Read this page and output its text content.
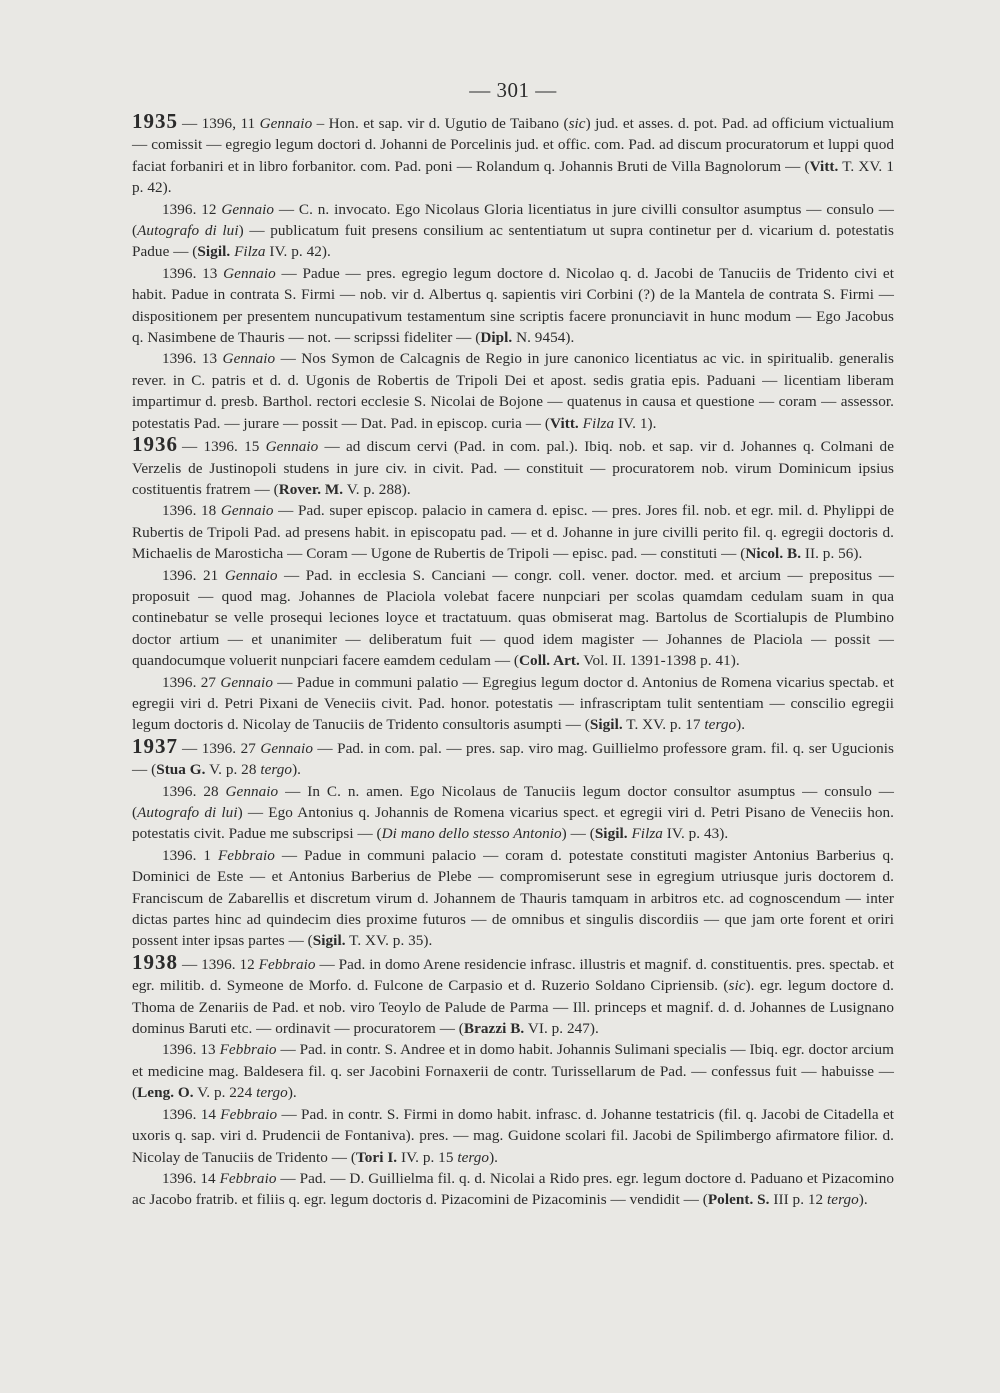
— 301 —

1935 — 1396, 11 Gennaio – Hon. et sap. vir d. Ugutio de Taibano (sic) jud. et asses. d. pot. Pad. ad officium victualium — comissit — egregio legum doctori d. Johanni de Porcelinis jud. et offic. com. Pad. ad discum procuratorum et luppi quod faciat forbaniri et in libro forbanitor. com. Pad. poni — Rolandum q. Johannis Bruti de Villa Bagnolorum — (Vitt. T. XV. 1 p. 42).

1396. 12 Gennaio — C. n. invocato. Ego Nicolaus Gloria licentiatus in jure civilli consultor asumptus — consulo — (Autografo di lui) — publicatum fuit presens consilium ac sententiatum ut supra continetur per d. vicarium d. potestatis Padue — (Sigil. Filza IV. p. 42).

1396. 13 Gennaio — Padue — pres. egregio legum doctore d. Nicolao q. d. Jacobi de Tanuciis de Tridento civi et habit. Padue in contrata S. Firmi — nob. vir d. Albertus q. sapientis viri Corbini (?) de la Mantela de contrata S. Firmi — dispositionem per presentem nuncupativum testamentum sine scriptis facere pronunciavit in hunc modum — Ego Jacobus q. Nasimbene de Thauris — not. — scripssi fideliter — (Dipl. N. 9454).

1396. 13 Gennaio — Nos Symon de Calcagnis de Regio in jure canonico licentiatus ac vic. in spiritualib. generalis rever. in C. patris et d. d. Ugonis de Robertis de Tripoli Dei et apost. sedis gratia epis. Paduani — licentiam liberam impartimur d. presb. Barthol. rectori ecclesie S. Nicolai de Bojone — quatenus in causa et questione — coram — assessor. potestatis Pad. — jurare — possit — Dat. Pad. in episcop. curia — (Vitt. Filza IV. 1).

1936 — 1396. 15 Gennaio — ad discum cervi (Pad. in com. pal.). Ibiq. nob. et sap. vir d. Johannes q. Colmani de Verzelis de Justinopoli studens in jure civ. in civit. Pad. — constituit — procuratorem nob. virum Dominicum ipsius costituentis fratrem — (Rover. M. V. p. 288).

1396. 18 Gennaio — Pad. super episcop. palacio in camera d. episc. — pres. Jores fil. nob. et egr. mil. d. Phylippi de Rubertis de Tripoli Pad. ad presens habit. in episcopatu pad. — et d. Johanne in jure civilli perito fil. q. egregii doctoris d. Michaelis de Marosticha — Coram — Ugone de Rubertis de Tripoli — episc. pad. — constituti — (Nicol. B. II. p. 56).

1396. 21 Gennaio — Pad. in ecclesia S. Canciani — congr. coll. vener. doctor. med. et arcium — prepositus — proposuit — quod mag. Johannes de Placiola volebat facere nunpciari per scolas quamdam cedulam suam in qua continebatur se velle prosequi leciones loyce et tractatuum. quas obmiserat mag. Bartolus de Scortialupis de Plumbino doctor artium — et unanimiter — deliberatum fuit — quod idem magister — Johannes de Placiola — possit — quandocumque voluerit nunpciari facere eamdem cedulam — (Coll. Art. Vol. II. 1391-1398 p. 41).

1396. 27 Gennaio — Padue in communi palatio — Egregius legum doctor d. Antonius de Romena vicarius spectab. et egregii viri d. Petri Pixani de Veneciis civit. Pad. honor. potestatis — infrascriptam tulit sententiam — conscilio egregii legum doctoris d. Nicolay de Tanuciis de Tridento consultoris asumpti — (Sigil. T. XV. p. 17 tergo).

1937 — 1396. 27 Gennaio — Pad. in com. pal. — pres. sap. viro mag. Guillielmo professore gram. fil. q. ser Ugucionis — (Stua G. V. p. 28 tergo).

1396. 28 Gennaio — In C. n. amen. Ego Nicolaus de Tanuciis legum doctor consultor asumptus — consulo — (Autografo di lui) — Ego Antonius q. Johannis de Romena vicarius spect. et egregii viri d. Petri Pisano de Veneciis hon. potestatis civit. Padue me subscripsi — (Di mano dello stesso Antonio) — (Sigil. Filza IV. p. 43).

1396. 1 Febbraio — Padue in communi palacio — coram d. potestate constituti magister Antonius Barberius q. Dominici de Este — et Antonius Barberius de Plebe — compromiserunt sese in egregium utriusque juris doctorem d. Franciscum de Zabarellis et discretum virum d. Johannem de Thauris tamquam in arbitros etc. ad cognoscendum — inter dictas partes hinc ad quindecim dies proxime futuros — de omnibus et singulis discordiis — que jam orte forent et oriri possent inter ipsas partes — (Sigil. T. XV. p. 35).

1938 — 1396. 12 Febbraio — Pad. in domo Arene residencie infrasc. illustris et magnif. d. constituentis. pres. spectab. et egr. militib. d. Symeone de Morfo. d. Fulcone de Carpasio et d. Ruzerio Soldano Cipriensib. (sic). egr. legum doctore d. Thoma de Zenariis de Pad. et nob. viro Teoylo de Palude de Parma — Ill. princeps et magnif. d. d. Johannes de Lusignano dominus Baruti etc. — ordinavit — procuratorem — (Brazzi B. VI. p. 247).

1396. 13 Febbraio — Pad. in contr. S. Andree et in domo habit. Johannis Sulimani specialis — Ibiq. egr. doctor arcium et medicine mag. Baldesera fil. q. ser Jacobini Fornaxerii de contr. Turissellarum de Pad. — confessus fuit — habuisse — (Leng. O. V. p. 224 tergo).

1396. 14 Febbraio — Pad. in contr. S. Firmi in domo habit. infrasc. d. Johanne testatricis (fil. q. Jacobi de Citadella et uxoris q. sap. viri d. Prudencii de Fontaniva). pres. — mag. Guidone scolari fil. Jacobi de Spilimbergo afirmatore filior. d. Nicolay de Tanuciis de Tridento — (Tori I. IV. p. 15 tergo).

1396. 14 Febbraio — Pad. — D. Guillielma fil. q. d. Nicolai a Rido pres. egr. legum doctore d. Paduano et Pizacomino ac Jacobo fratrib. et filiis q. egr. legum doctoris d. Pizacomini de Pizacominis — vendidit — (Polent. S. III p. 12 tergo).
